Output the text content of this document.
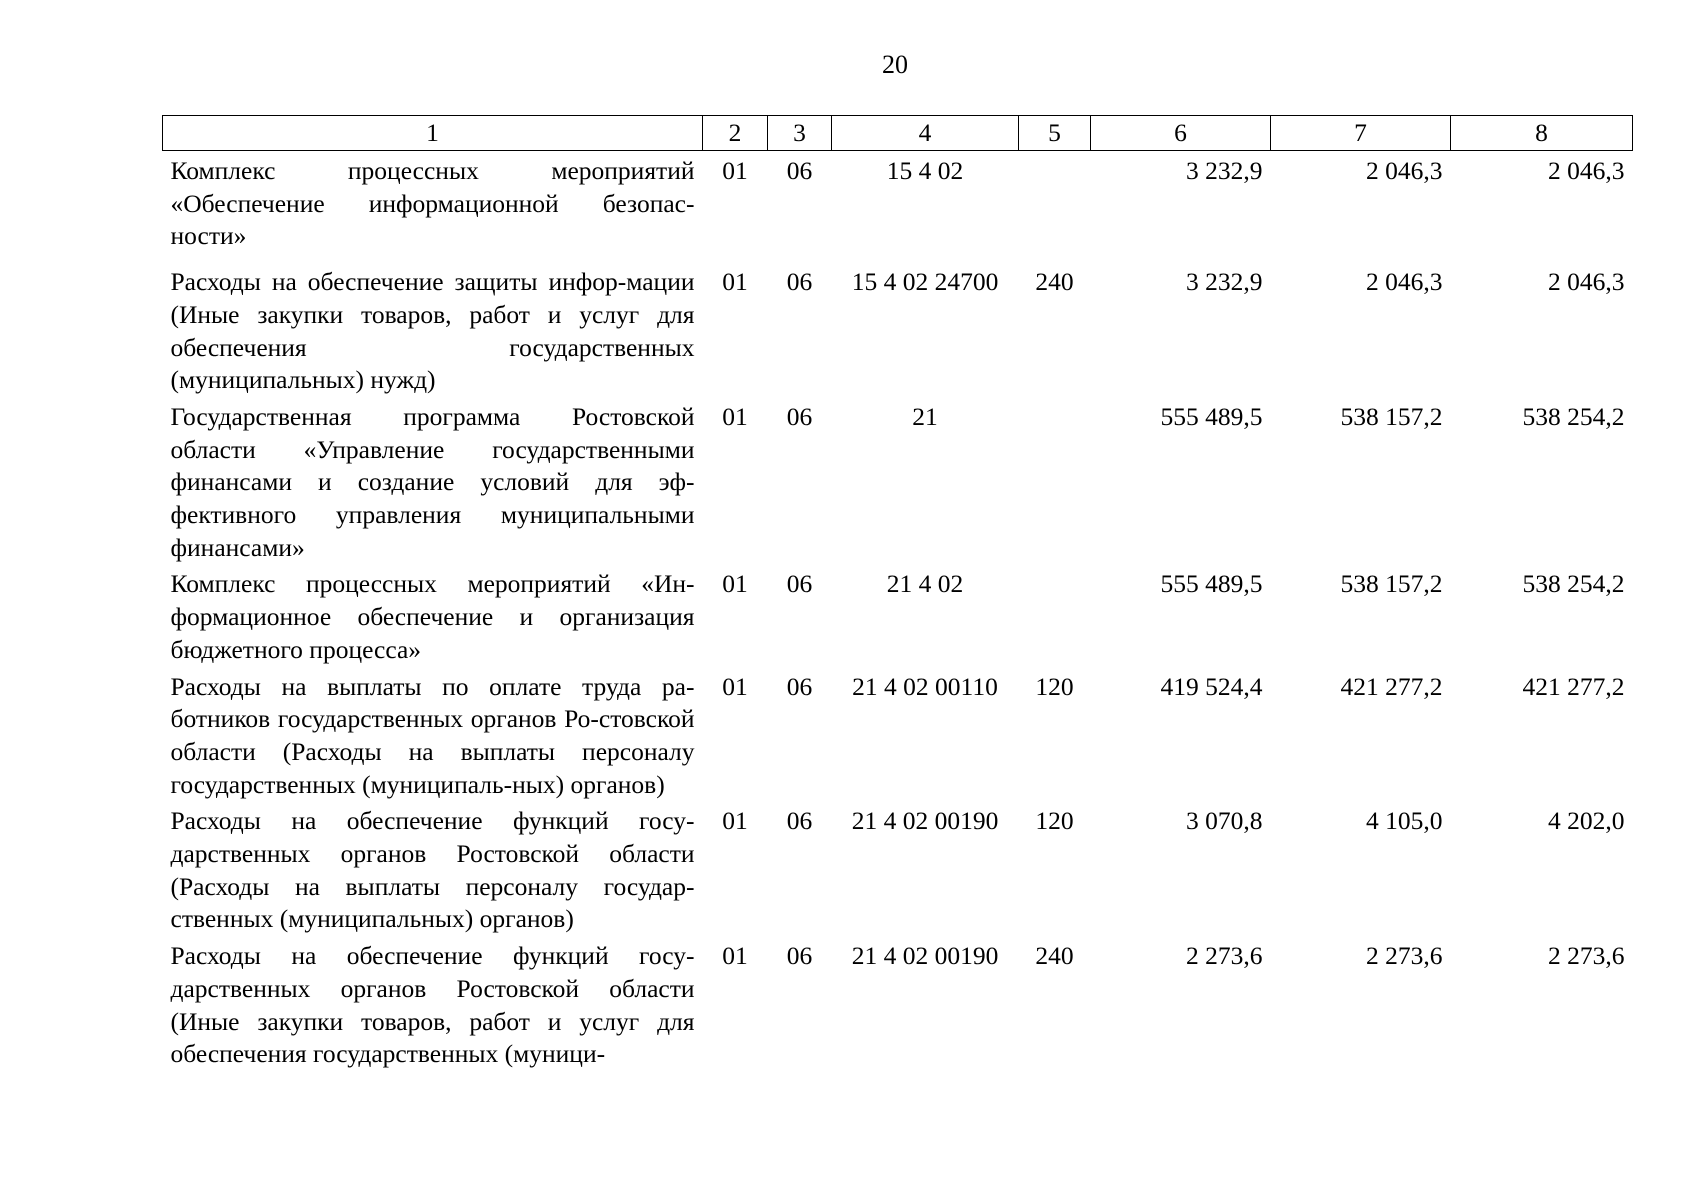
20
1	2	3	4	5	6	7	8
Комплекс процессных мероприятий «Обеспечение информационной безопас-ности»	01	06	15 4 02		3 232,9	2 046,3	2 046,3
Расходы на обеспечение защиты инфор-мации (Иные закупки товаров, работ и услуг для обеспечения государственных (муниципальных) нужд)	01	06	15 4 02 24700	240	3 232,9	2 046,3	2 046,3
Государственная программа Ростовской области «Управление государственными финансами и создание условий для эф-фективного управления муниципальными финансами»	01	06	21		555 489,5	538 157,2	538 254,2
Комплекс процессных мероприятий «Ин-формационное обеспечение и организация бюджетного процесса»	01	06	21 4 02		555 489,5	538 157,2	538 254,2
Расходы на выплаты по оплате труда ра-ботников государственных органов Ро-стовской области (Расходы на выплаты персоналу государственных (муниципаль-ных) органов)	01	06	21 4 02 00110	120	419 524,4	421 277,2	421 277,2
Расходы на обеспечение функций госу-дарственных органов Ростовской области (Расходы на выплаты персоналу государ-ственных (муниципальных) органов)	01	06	21 4 02 00190	120	3 070,8	4 105,0	4 202,0
Расходы на обеспечение функций госу-дарственных органов Ростовской области (Иные закупки товаров, работ и услуг для обеспечения государственных (муници-	01	06	21 4 02 00190	240	2 273,6	2 273,6	2 273,6
